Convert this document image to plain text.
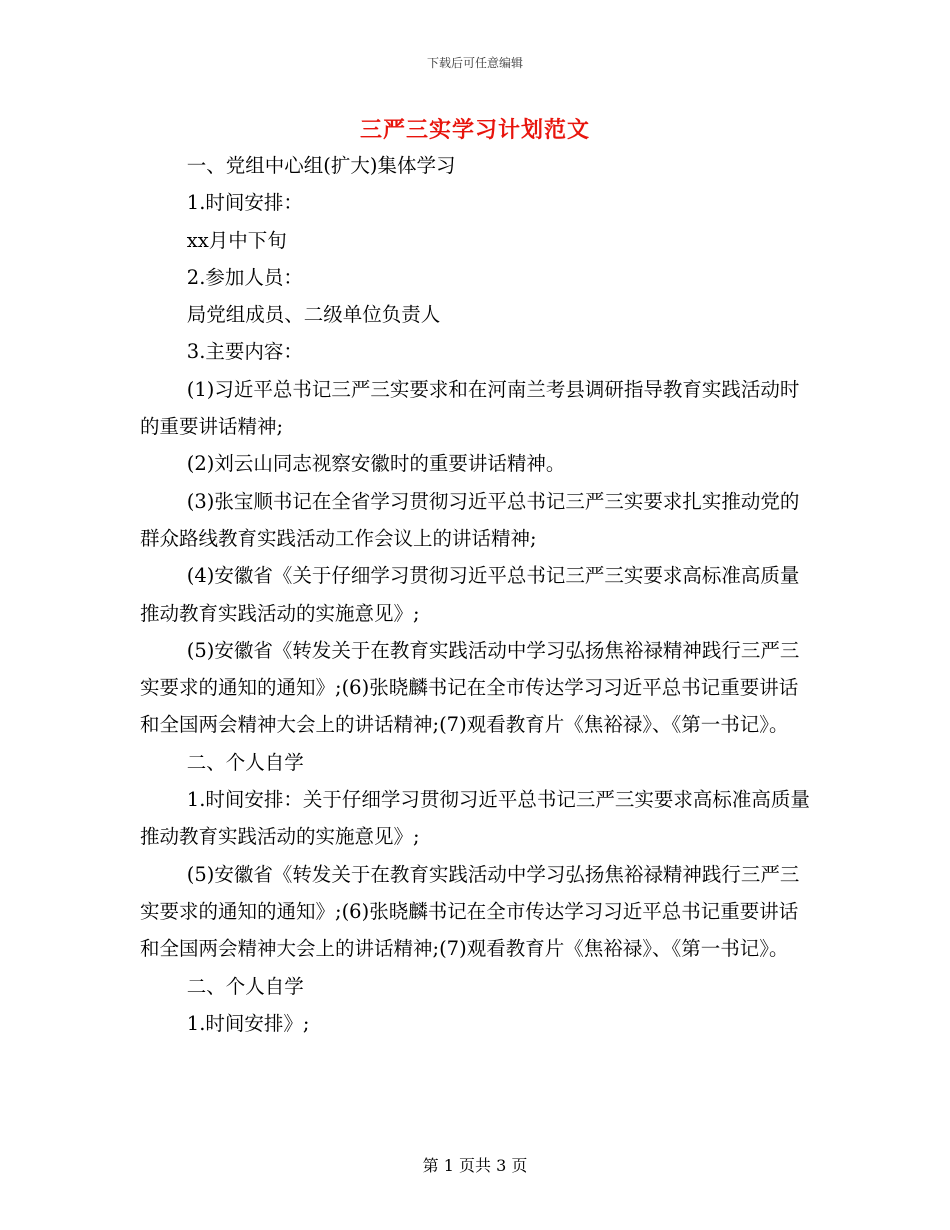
下载后可任意编辑
三严三实学习计划范文

一、党组中心组(扩大)集体学习

1.时间安排：

xx月中下旬

2.参加人员：

局党组成员、二级单位负责人

3.主要内容：

(1)习近平总书记三严三实要求和在河南兰考县调研指导教育实践活动时的重要讲话精神;

(2)刘云山同志视察安徽时的重要讲话精神。

(3)张宝顺书记在全省学习贯彻习近平总书记三严三实要求扎实推动党的群众路线教育实践活动工作会议上的讲话精神;

(4)安徽省《关于仔细学习贯彻习近平总书记三严三实要求高标准高质量推动教育实践活动的实施意见》;

(5)安徽省《转发关于在教育实践活动中学习弘扬焦裕禄精神践行三严三实要求的通知的通知》;(6)张晓麟书记在全市传达学习习近平总书记重要讲话和全国两会精神大会上的讲话精神;(7)观看教育片《焦裕禄》、《第一书记》。

二、个人自学

1.时间安排：关于仔细学习贯彻习近平总书记三严三实要求高标准高质量推动教育实践活动的实施意见》;

(5)安徽省《转发关于在教育实践活动中学习弘扬焦裕禄精神践行三严三实要求的通知的通知》;(6)张晓麟书记在全市传达学习习近平总书记重要讲话和全国两会精神大会上的讲话精神;(7)观看教育片《焦裕禄》、《第一书记》。

二、个人自学

1.时间安排》;

第 1 页共 3 页
